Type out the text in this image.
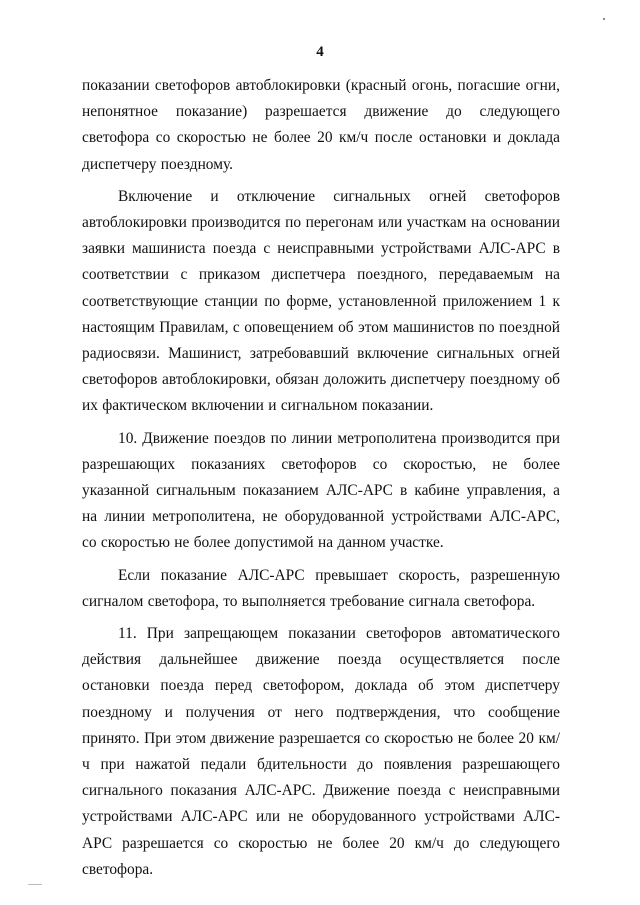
4

показании светофоров автоблокировки (красный огонь, погасшие огни, непонятное показание) разрешается движение до следующего светофора со скоростью не более 20 км/ч после остановки и доклада диспетчеру поездному.

Включение и отключение сигнальных огней светофоров автоблокировки производится по перегонам или участкам на основании заявки машиниста поезда с неисправными устройствами АЛС-АРС в соответствии с приказом диспетчера поездного, передаваемым на соответствующие станции по форме, установленной приложением 1 к настоящим Правилам, с оповещением об этом машинистов по поездной радиосвязи. Машинист, затребовавший включение сигнальных огней светофоров автоблокировки, обязан доложить диспетчеру поездному об их фактическом включении и сигнальном показании.

10. Движение поездов по линии метрополитена производится при разрешающих показаниях светофоров со скоростью, не более указанной сигнальным показанием АЛС-АРС в кабине управления, а на линии метрополитена, не оборудованной устройствами АЛС-АРС, со скоростью не более допустимой на данном участке.

Если показание АЛС-АРС превышает скорость, разрешенную сигналом светофора, то выполняется требование сигнала светофора.

11. При запрещающем показании светофоров автоматического действия дальнейшее движение поезда осуществляется после остановки поезда перед светофором, доклада об этом диспетчеру поездному и получения от него подтверждения, что сообщение принято. При этом движение разрешается со скоростью не более 20 км/ч при нажатой педали бдительности до появления разрешающего сигнального показания АЛС-АРС. Движение поезда с неисправными устройствами АЛС-АРС или не оборудованного устройствами АЛС-АРС разрешается со скоростью не более 20 км/ч до следующего светофора.
